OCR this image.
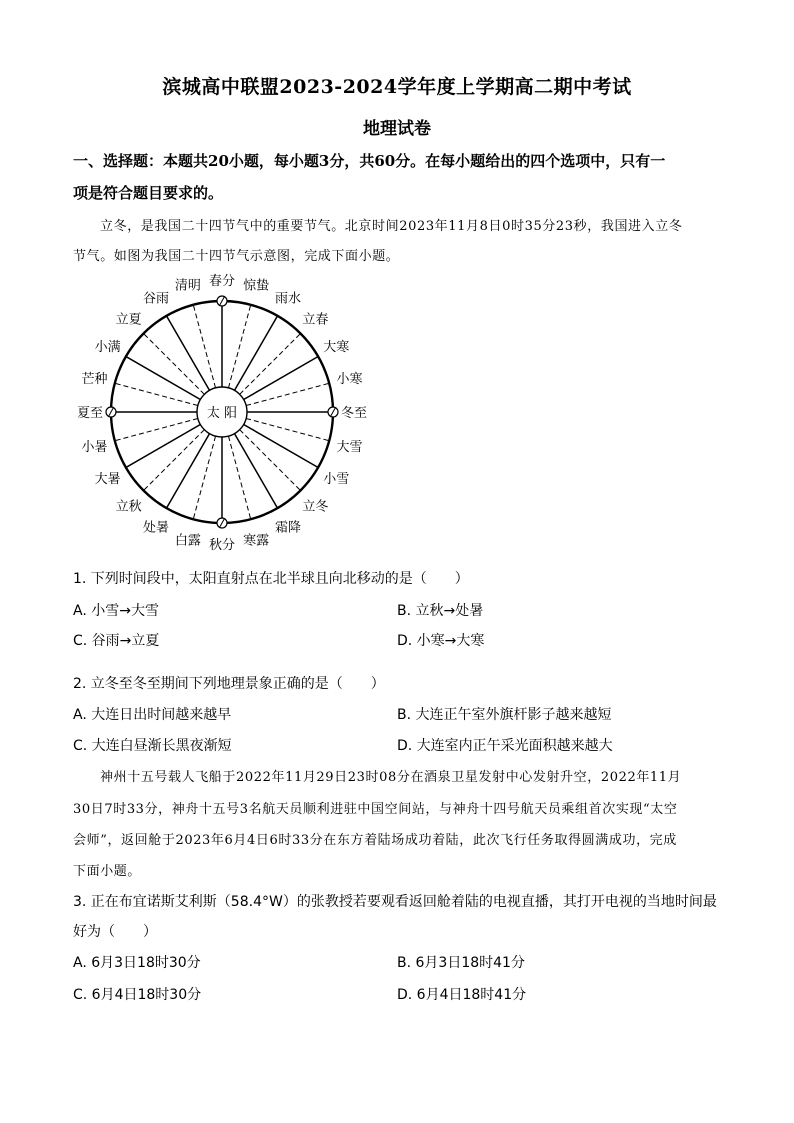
滨城高中联盟2023-2024学年度上学期高二期中考试
地理试卷
一、选择题：本题共20小题，每小题3分，共60分。在每小题给出的四个选项中，只有一
项是符合题目要求的。
立冬，是我国二十四节气中的重要节气。北京时间2023年11月8日0时35分23秒，我国进入立冬
节气。如图为我国二十四节气示意图，完成下面小题。
太 阳
春分 惊蛰
雨水
立春
大寒
小寒
冬至
大雪
小雪
立冬
霜降
寒露
秋分
白露
处暑
立秋
大暑
小暑
夏至
芒种
小满
立夏
谷雨
清明
1. 下列时间段中，太阳直射点在北半球且向北移动的是（　　）
A. 小雪→大雪	B. 立秋→处暑
C. 谷雨→立夏	D. 小寒→大寒
2. 立冬至冬至期间下列地理景象正确的是（　　）
A. 大连日出时间越来越早	B. 大连正午室外旗杆影子越来越短
C. 大连白昼渐长黑夜渐短	D. 大连室内正午采光面积越来越大
神州十五号载人飞船于2022年11月29日23时08分在酒泉卫星发射中心发射升空，2022年11月
30日7时33分，神舟十五号3名航天员顺利进驻中国空间站，与神舟十四号航天员乘组首次实现“太空
会师”，返回舱于2023年6月4日6时33分在东方着陆场成功着陆，此次飞行任务取得圆满成功，完成
下面小题。
3. 正在布宜诺斯艾利斯（58.4°W）的张教授若要观看返回舱着陆的电视直播，其打开电视的当地时间最
好为（　　）
A. 6月3日18时30分	B. 6月3日18时41分
C. 6月4日18时30分	D. 6月4日18时41分
